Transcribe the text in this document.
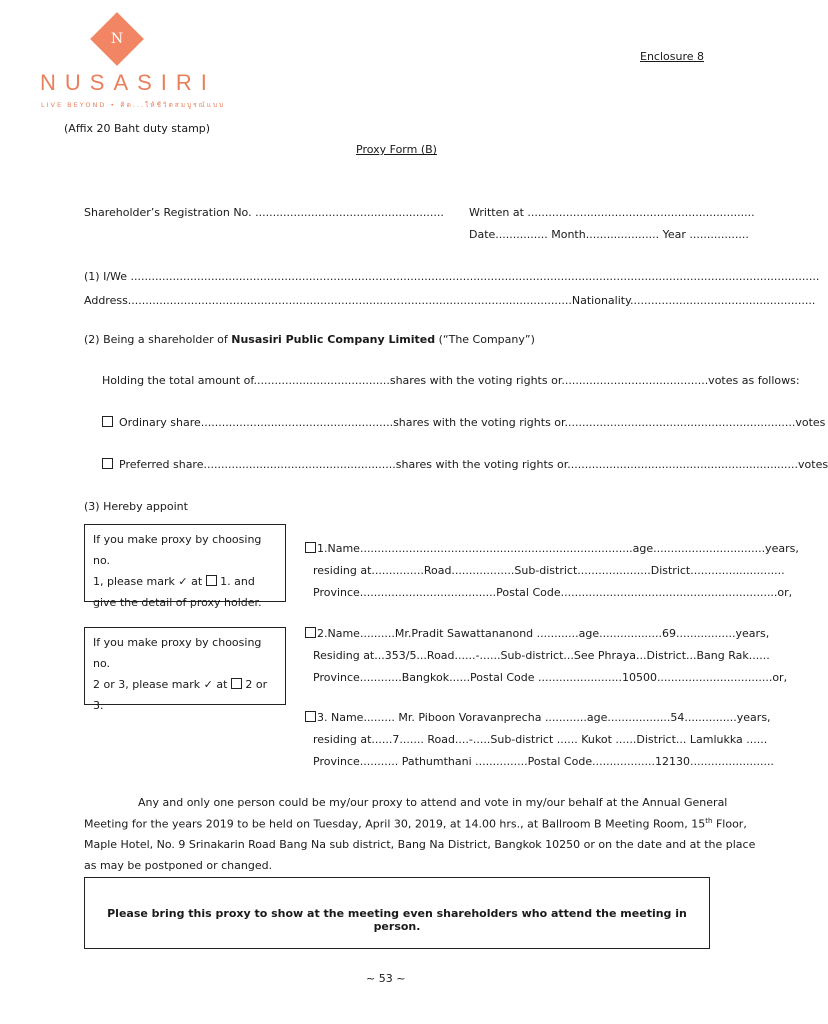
N
NUSASIRI
LIVE BEYOND • คิด...ให้ชีวิตสมบูรณ์แบบ
Enclosure 8
(Affix 20 Baht duty stamp)
Proxy Form (B)
Shareholder’s Registration No. ...................................................... Written at .................................................................
Date............... Month..................... Year .................
(1) I/We .....................................................................................................................................................................................................
Address...............................................................................................................................Nationality.....................................................
(2) Being a shareholder of Nusasiri Public Company Limited (“The Company”)
Holding the total amount of.......................................shares with the voting rights or..........................................votes as follows:
Ordinary share.......................................................shares with the voting rights or..................................................................votes
Preferred share.......................................................shares with the voting rights or..................................................................votes
(3) Hereby appoint
If you make proxy by choosing no.
1, please mark ✓ at 1. and
give the detail of proxy holder.
If you make proxy by choosing no.
2 or 3, please mark ✓ at 2 or
3.
1.Name..............................................................................age................................years,
residing at...............Road..................Sub-district.....................District...........................
Province.......................................Postal Code..............................................................or,
2.Name..........Mr.Pradit Sawattananond ............age..................69.................years,
Residing at...353/5...Road......-......Sub-district...See Phraya...District...Bang Rak......
Province............Bangkok......Postal Code ........................10500.................................or,
3. Name......... Mr. Piboon Voravanprecha ............age..................54...............years,
residing at......7....... Road....-.....Sub-district ...... Kukot ......District... Lamlukka ......
Province........... Pathumthani ...............Postal Code..................12130........................
Any and only one person could be my/our proxy to attend and vote in my/our behalf at the Annual General
Meeting for the years 2019 to be held on Tuesday, April 30, 2019, at 14.00 hrs., at Ballroom B Meeting Room, 15th Floor,
Maple Hotel, No. 9 Srinakarin Road Bang Na sub district, Bang Na District, Bangkok 10250 or on the date and at the place
as may be postponed or changed.
Please bring this proxy to show at the meeting even shareholders who attend the meeting in person.
~ 53 ~
